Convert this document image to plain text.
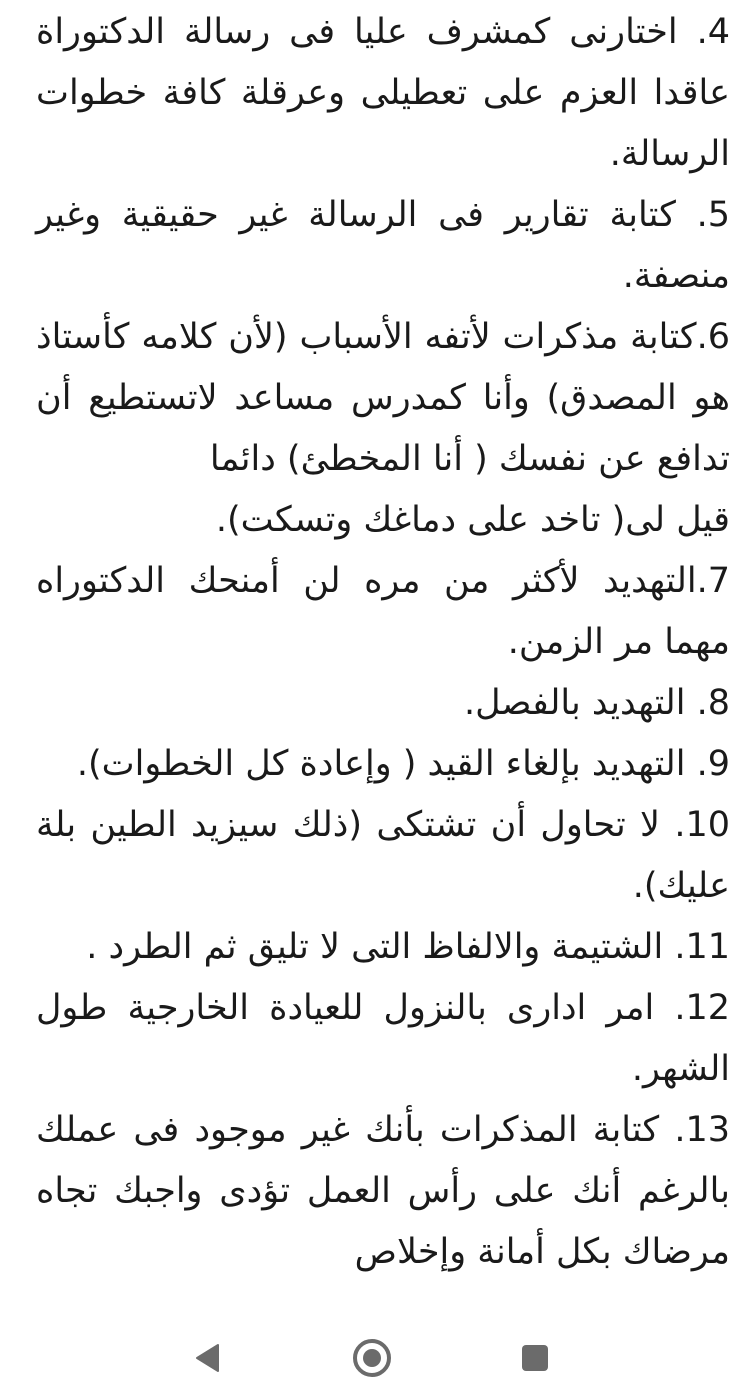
4. اختارنى كمشرف عليا فى رسالة الدكتوراة عاقدا العزم على تعطيلى وعرقلة كافة خطوات الرسالة.

5. كتابة تقارير فى الرسالة غير حقيقية وغير منصفة.

6.كتابة مذكرات لأتفه الأسباب (لأن كلامه كأستاذ هو المصدق) وأنا كمدرس مساعد لاتستطيع أن تدافع عن نفسك ( أنا المخطئ) دائما

قيل لى( تاخد على دماغك وتسكت).

7.التهديد لأكثر من مره لن أمنحك الدكتوراه مهما مر الزمن.

8. التهديد بالفصل.

9. التهديد بإلغاء القيد ( وإعادة كل الخطوات).

10. لا تحاول أن تشتكى (ذلك سيزيد الطين بلة عليك).

11. الشتيمة والالفاظ التى لا تليق ثم الطرد .

12. امر ادارى بالنزول للعيادة الخارجية طول الشهر.

13. كتابة المذكرات بأنك غير موجود فى عملك بالرغم أنك على رأس العمل تؤدى واجبك تجاه مرضاك بكل أمانة وإخلاص
